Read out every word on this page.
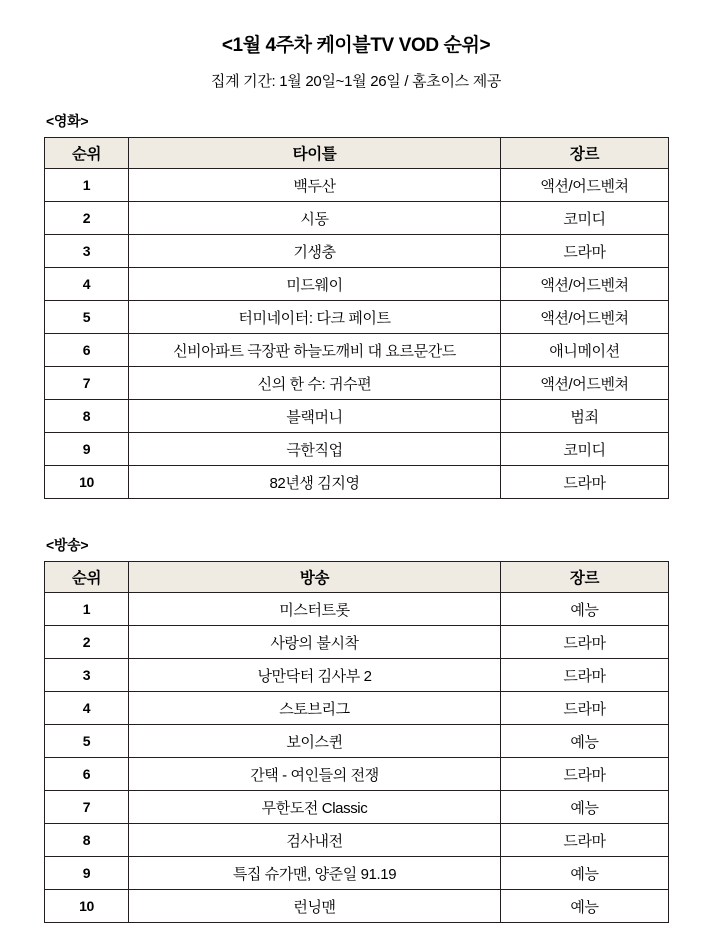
<1월 4주차 케이블TV VOD 순위>
집계 기간: 1월 20일~1월 26일 / 홈초이스 제공
<영화>
순위	타이틀	장르
1	백두산	액션/어드벤쳐
2	시동	코미디
3	기생충	드라마
4	미드웨이	액션/어드벤쳐
5	터미네이터: 다크 페이트	액션/어드벤쳐
6	신비아파트 극장판 하늘도깨비 대 요르문간드	애니메이션
7	신의 한 수: 귀수편	액션/어드벤쳐
8	블랙머니	범죄
9	극한직업	코미디
10	82년생 김지영	드라마
<방송>
순위	방송	장르
1	미스터트롯	예능
2	사랑의 불시착	드라마
3	낭만닥터 김사부 2	드라마
4	스토브리그	드라마
5	보이스퀸	예능
6	간택 - 여인들의 전쟁	드라마
7	무한도전 Classic	예능
8	검사내전	드라마
9	특집 슈가맨, 양준일 91.19	예능
10	런닝맨	예능
